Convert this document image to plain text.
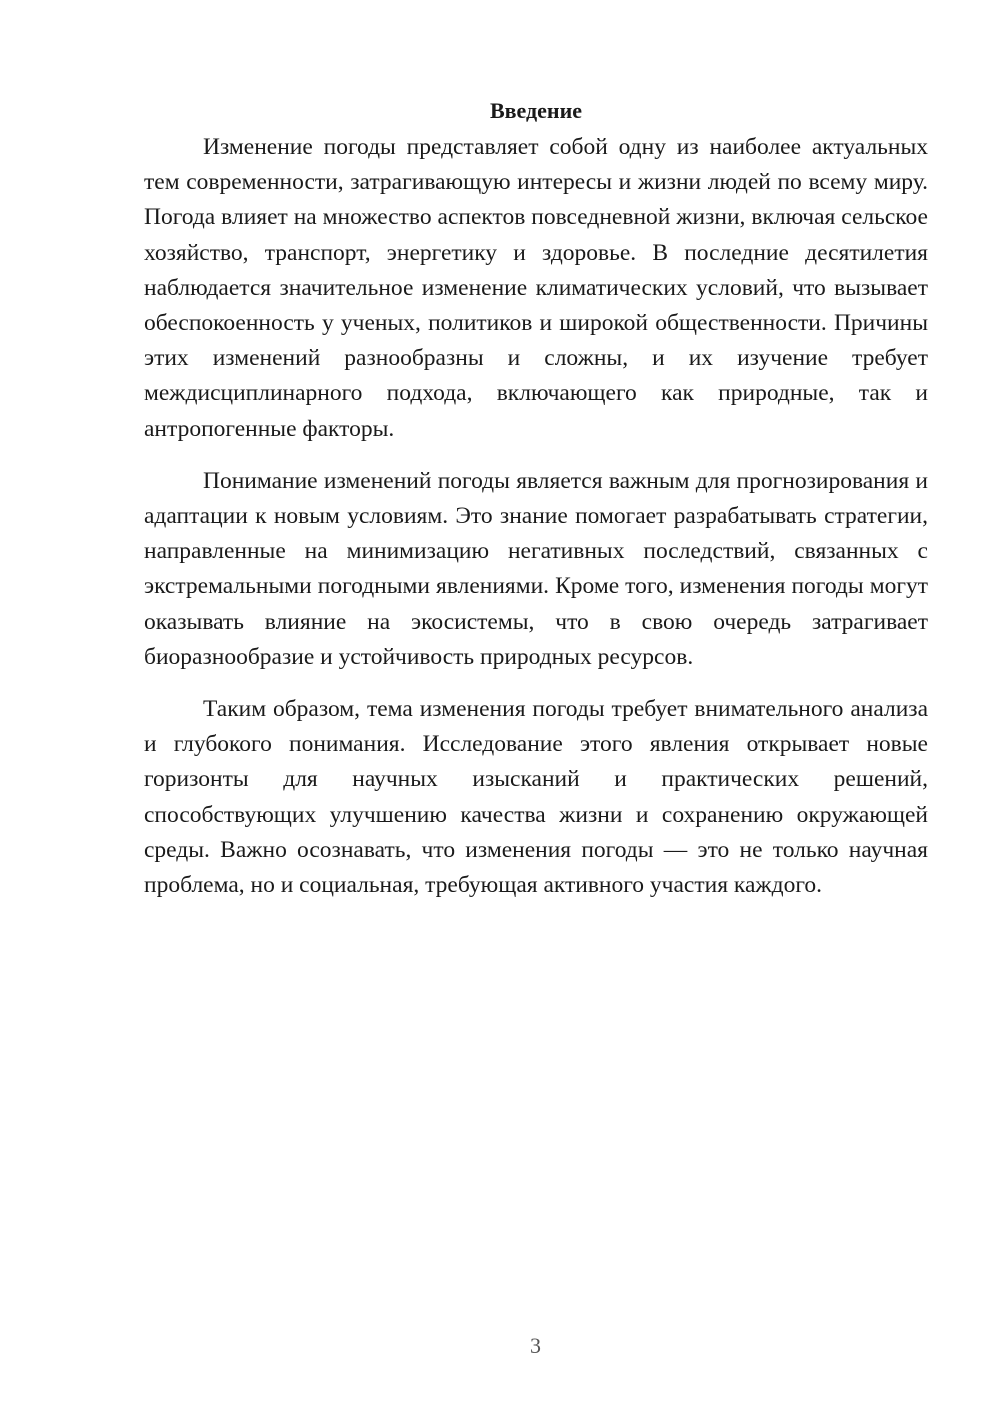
Введение

Изменение погоды представляет собой одну из наиболее актуальных тем современности, затрагивающую интересы и жизни людей по всему миру. Погода влияет на множество аспектов повседневной жизни, включая сельское хозяйство, транспорт, энергетику и здоровье. В последние десятилетия наблюдается значительное изменение климатических условий, что вызывает обеспокоенность у ученых, политиков и широкой общественности. Причины этих изменений разнообразны и сложны, и их изучение требует междисциплинарного подхода, включающего как природные, так и антропогенные факторы.

Понимание изменений погоды является важным для прогнозирования и адаптации к новым условиям. Это знание помогает разрабатывать стратегии, направленные на минимизацию негативных последствий, связанных с экстремальными погодными явлениями. Кроме того, изменения погоды могут оказывать влияние на экосистемы, что в свою очередь затрагивает биоразнообразие и устойчивость природных ресурсов.

Таким образом, тема изменения погоды требует внимательного анализа и глубокого понимания. Исследование этого явления открывает новые горизонты для научных изысканий и практических решений, способствующих улучшению качества жизни и сохранению окружающей среды. Важно осознавать, что изменения погоды — это не только научная проблема, но и социальная, требующая активного участия каждого.

3
